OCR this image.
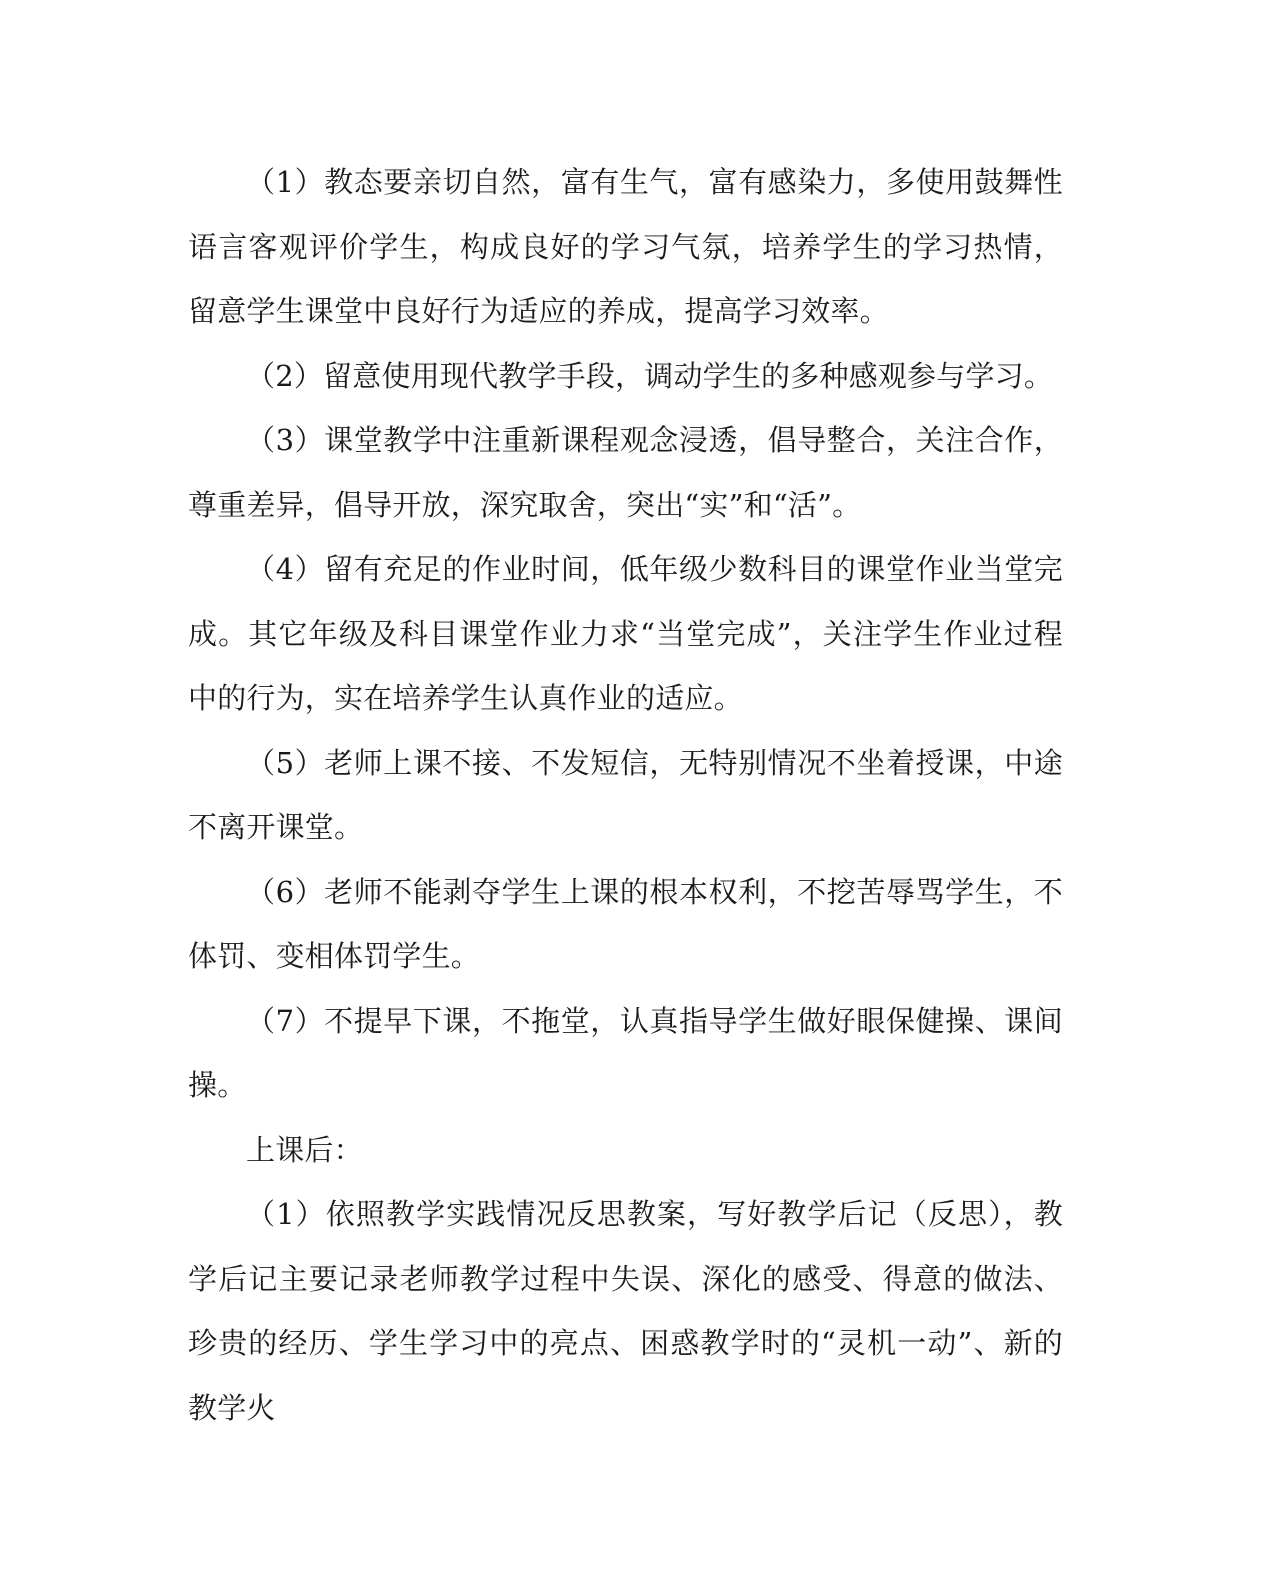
（1）教态要亲切自然，富有生气，富有感染力，多使用鼓舞性语言客观评价学生，构成良好的学习气氛，培养学生的学习热情，留意学生课堂中良好行为适应的养成，提高学习效率。

（2）留意使用现代教学手段，调动学生的多种感观参与学习。

（3）课堂教学中注重新课程观念浸透，倡导整合，关注合作，尊重差异，倡导开放，深究取舍，突出“实”和“活”。

（4）留有充足的作业时间，低年级少数科目的课堂作业当堂完成。其它年级及科目课堂作业力求“当堂完成”，关注学生作业过程中的行为，实在培养学生认真作业的适应。

（5）老师上课不接、不发短信，无特别情况不坐着授课，中途不离开课堂。

（6）老师不能剥夺学生上课的根本权利，不挖苦辱骂学生，不体罚、变相体罚学生。

（7）不提早下课，不拖堂，认真指导学生做好眼保健操、课间操。

上课后：

（1）依照教学实践情况反思教案，写好教学后记（反思），教学后记主要记录老师教学过程中失误、深化的感受、得意的做法、珍贵的经历、学生学习中的亮点、困惑教学时的“灵机一动”、新的教学火
